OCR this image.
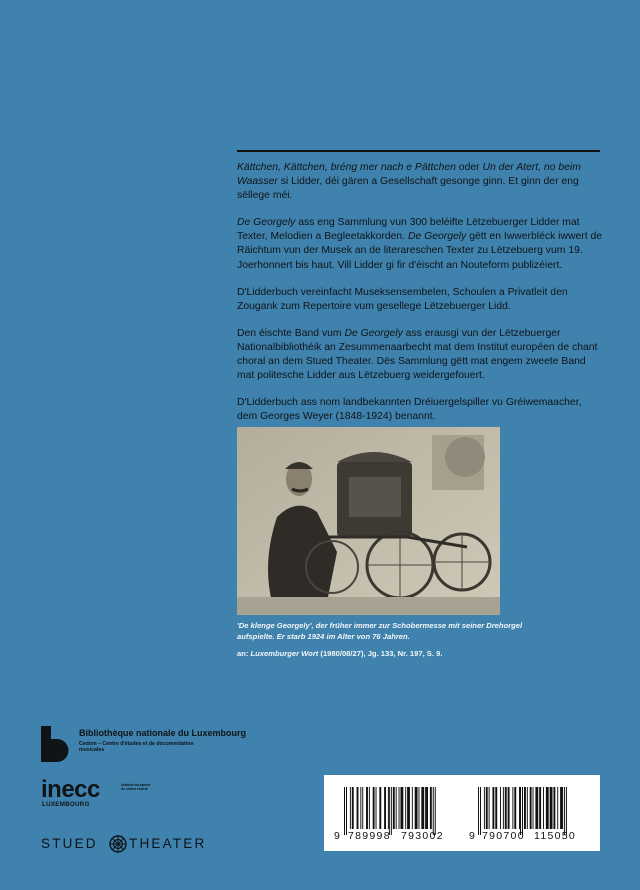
Kättchen, Kättchen, bréng mer nach e Pättchen oder Un der Atert, no beim Waasser si Lidder, déi gären a Gesellschaft gesonge ginn. Et ginn der eng sëllege méi.

De Georgely ass eng Sammlung vun 300 beléifte Lëtzebuerger Lidder mat Texter, Melodien a Begleetakkorden. De Georgely gëtt en Iwwerbléck iwwert de Räichtum vun der Musek an de literareschen Texter zu Lëtzebuerg vum 19. Joerhonnert bis haut. Vill Lidder gi fir d'éischt an Nouteform publizéiert.

D'Lidderbuch vereinfacht Museksensembelen, Schoulen a Privatleit den Zougank zum Repertoire vum gesellege Lëtzebuerger Lidd.

Den éischte Band vum De Georgely ass erausgi vun der Lëtzebuerger Nationalbibliothéik an Zesummenaarbecht mat dem Institut européen de chant choral an dem Stued Theater. Dës Sammlung gëtt mat engem zweete Band mat politesche Lidder aus Lëtzebuerg weidergefouert.

D'Lidderbuch ass nom landbekannten Dréiuergelspiller vu Gréiwemaacher, dem Georges Weyer (1848-1924) benannt.

'De klenge Georgely', der früher immer zur Schobermesse mit seiner Drehorgel aufspielte. Er starb 1924 im Alter von 76 Jahren.
an: Luxemburger Wort (1980/08/27), Jg. 133, Nr. 197, S. 9.
Bibliothèque nationale du Luxembourg
Cedom – Centre d'études et de documentation musicales
inecc
LUXEMBOURG
institut européen de chant choral
STUED THEATER	9 789998 793002 9 790700 115050
